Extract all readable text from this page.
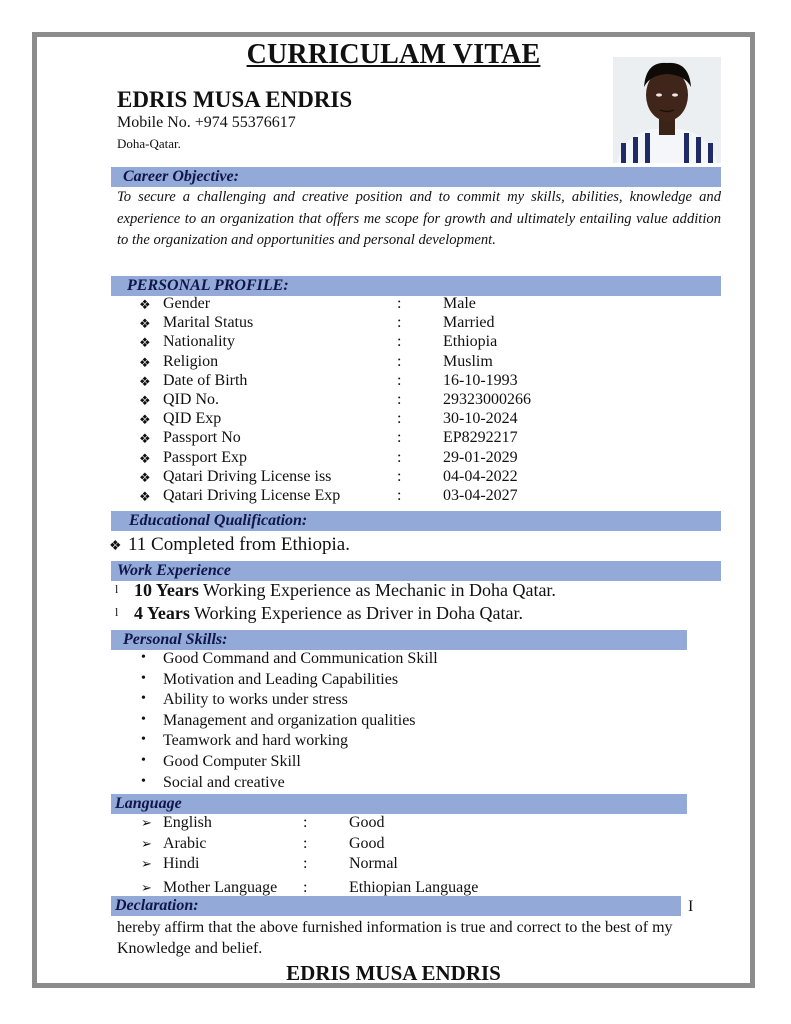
CURRICULAM VITAE
EDRIS MUSA ENDRIS
Mobile No. +974 55376617
Doha-Qatar.
Career Objective:
To secure a challenging and creative position and to commit my skills, abilities, knowledge and experience to an organization that offers me scope for growth and ultimately entailing value addition to the organization and opportunities and personal development.
PERSONAL PROFILE:
❖ Gender	:	Male
❖ Marital Status	:	Married
❖ Nationality	:	Ethiopia
❖ Religion	:	Muslim
❖ Date of Birth	:	16-10-1993
❖ QID No.	:	29323000266
❖ QID Exp	:	30-10-2024
❖ Passport No	:	EP8292217
❖ Passport Exp	:	29-01-2029
❖ Qatari Driving License iss	:	04-04-2022
❖ Qatari Driving License Exp	:	03-04-2027
Educational Qualification:
❖ 11 Completed from Ethiopia.
Work Experience
l 10 Years Working Experience as Mechanic in Doha Qatar.
l 4 Years Working Experience as Driver in Doha Qatar.
Personal Skills:
• Good Command and Communication Skill
• Motivation and Leading Capabilities
• Ability to works under stress
• Management and organization qualities
• Teamwork and hard working
• Good Computer Skill
• Social and creative
Language
➢ English	:	Good
➢ Arabic	:	Good
➢ Hindi	:	Normal
➢ Mother Language :	Ethiopian Language
Declaration:	I
hereby affirm that the above furnished information is true and correct to the best of my Knowledge and belief.
EDRIS MUSA ENDRIS
